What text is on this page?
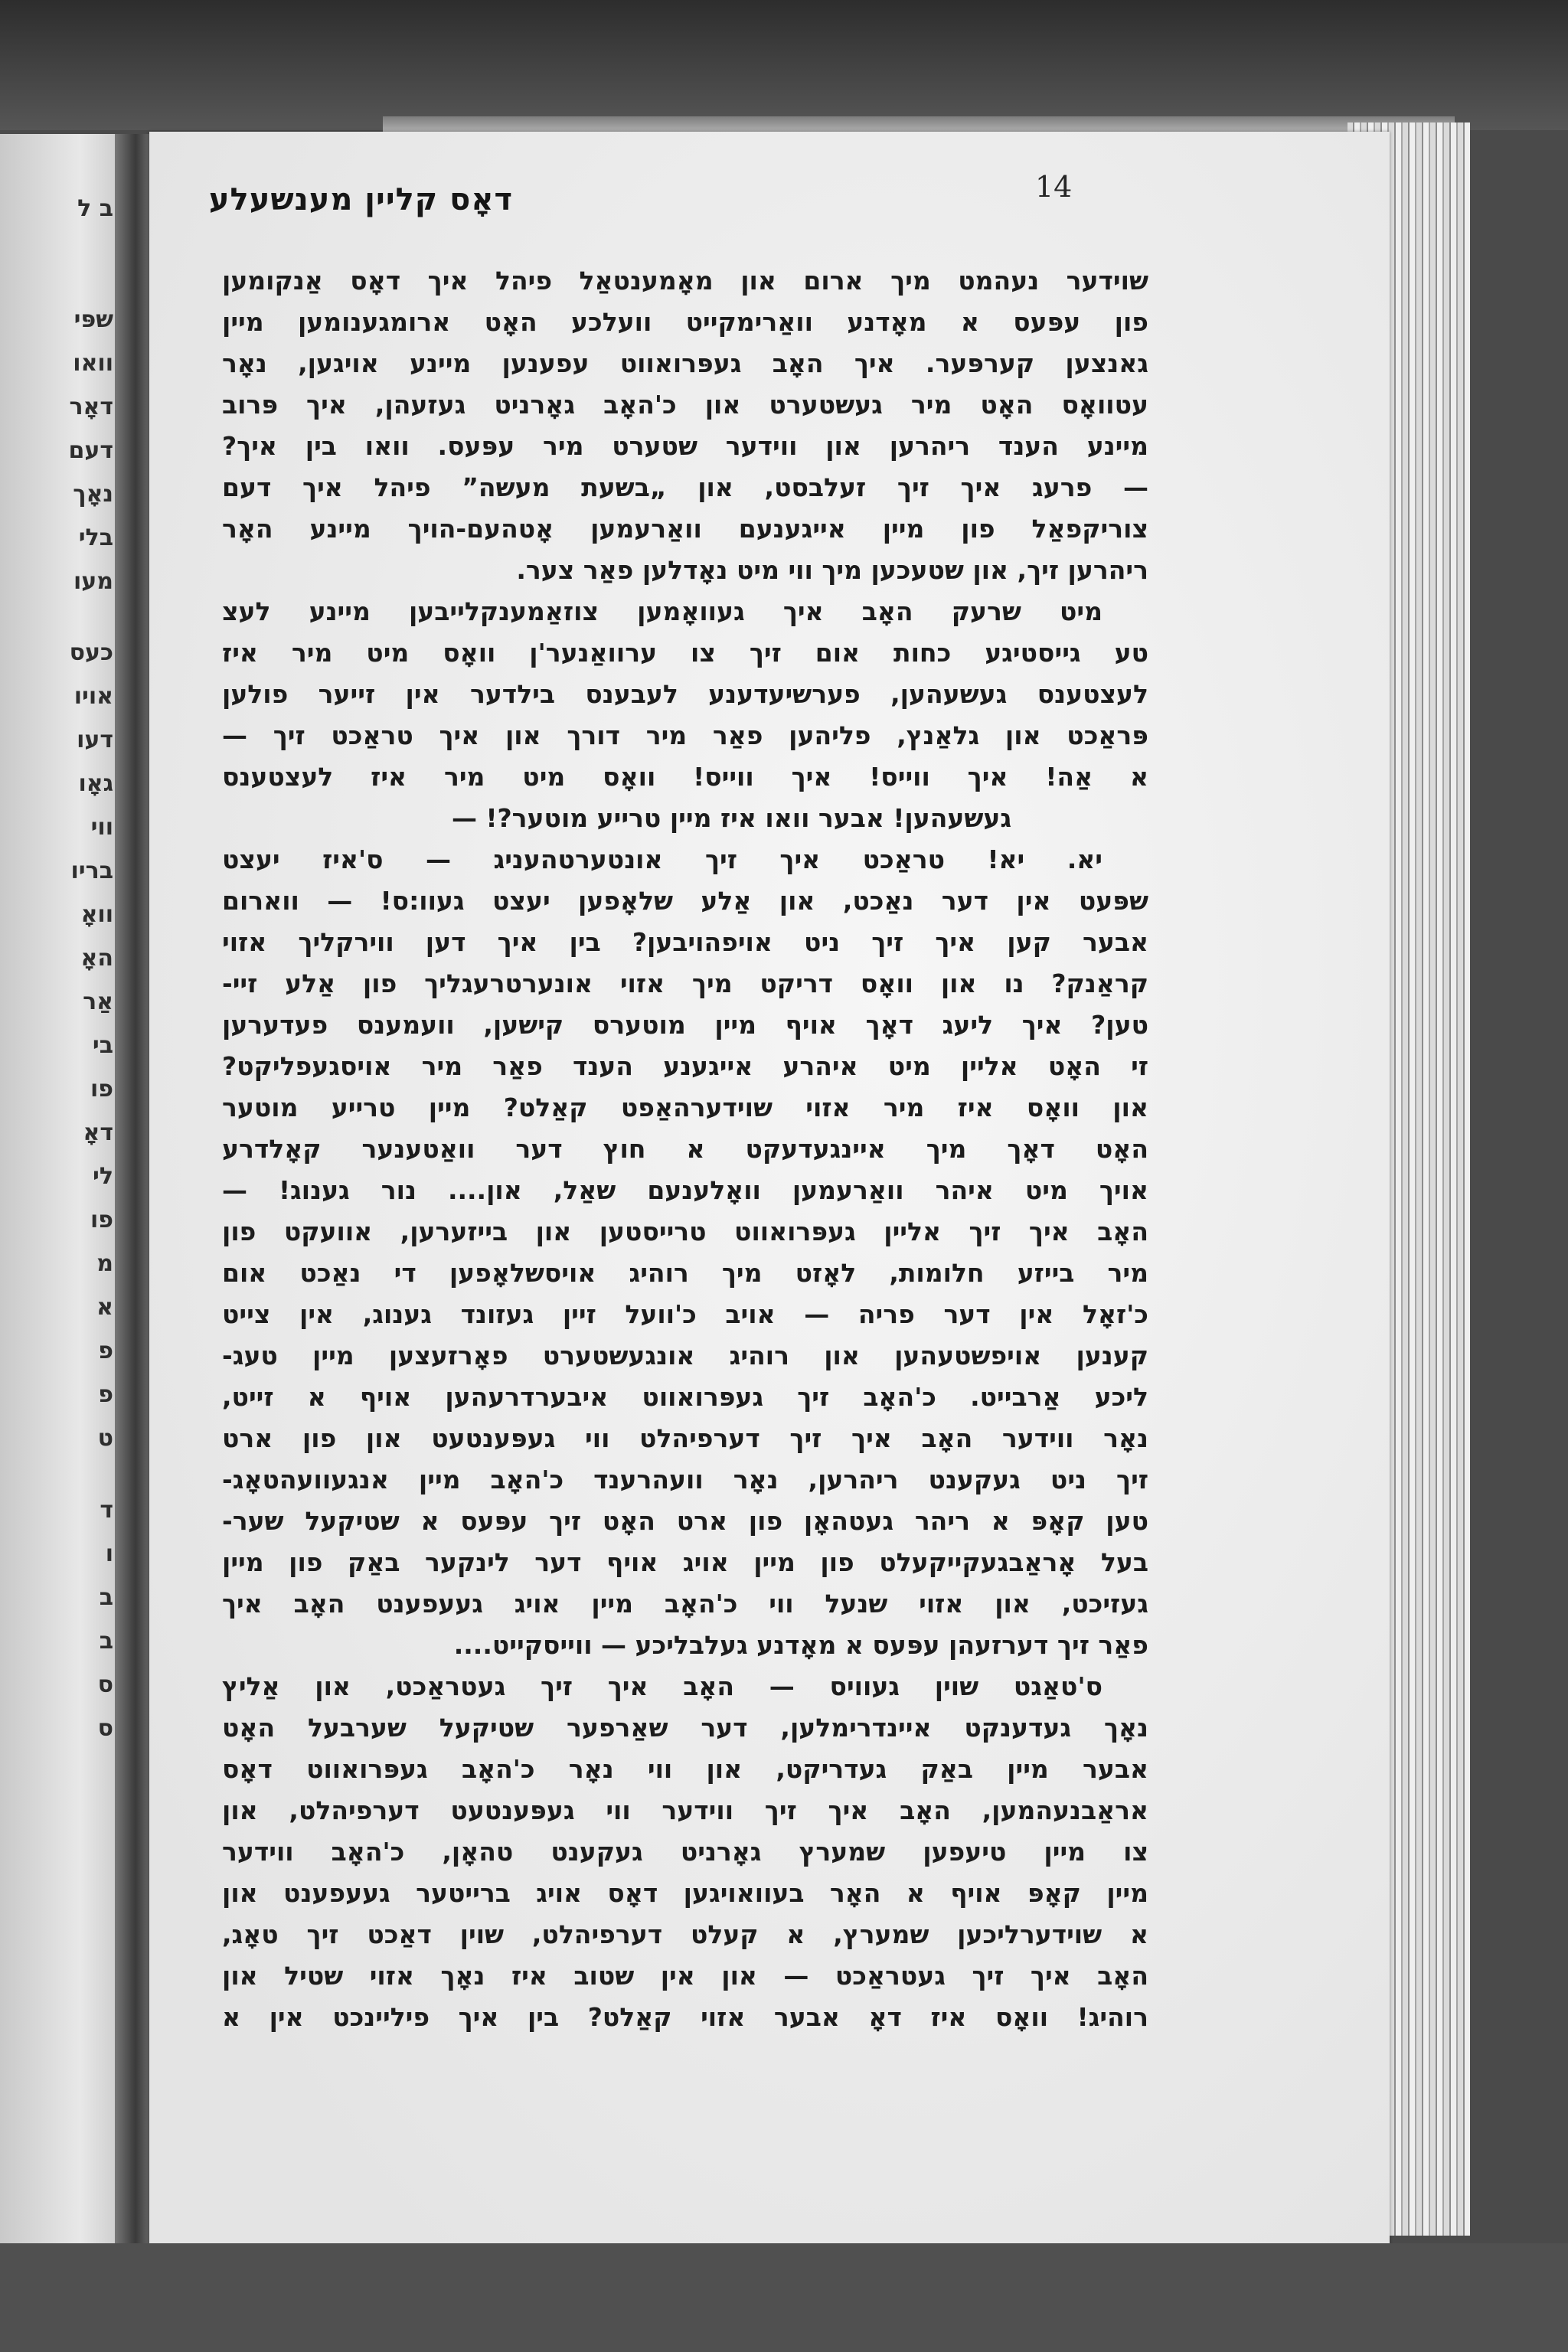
ב ל
שפּי
וואו
דאָר
דעם
נאָך
בלי
מעו
כעס
אויו
דעו
גאָו
ווי
בריו
וואָ
האָ
אַר
בי
פו
דאָ
לי
פו
מ
א
פ
פ
ט
ד
ו
ב
ב
ס
ס
14
דאָס קליין מענשעלע
שוידער נעהמט מיך ארום און מאָמענטאַל פיהל איך דאָס אַנקומען
פון עפּעס א מאָדנע וואַרימקייט וועלכע האָט ארומגענומען מיין
גאנצען קערפּער. איך האָב געפּרואווט עפענען מיינע אויגען, נאָר
עטוואָס האָט מיר געשטערט און כ'האָב גאָרניט געזעהן, איך פּרוב
מיינע הענד ריהרען און ווידער שטערט מיר עפּעס. וואו בין איך?
— פרעג איך זיך זעלבסט, און „בשעת מעשה” פיהל איך דעם
צוריקפאַל פון מיין אייגענעם וואַרעמען אָטהעם-הויך מיינע האָר
ריהרען זיך, און שטעכען מיך ווי מיט נאָדלען פאַר צער.
מיט שרעק האָב איך געוואָמען צוזאַמענקלייבען מיינע לעצ
טע גייסטיגע כחות אום זיך צו ערוואַנער'ן וואָס מיט מיר איז
לעצטענס געשעהען, פערשיעדענע לעבענס בילדער אין זייער פולען
פּראַכט און גלאַנץ, פליהען פאַר מיר דורך און איך טראַכט זיך —
א אַה! איך ווייס! איך ווייס! וואָס מיט מיר איז לעצטענס
געשעהען! אבער וואו איז מיין טרייע מוטער?! —
יא. יא! טראַכט איך זיך אונטערטהעניג — ס'איז יעצט
שפּעט אין דער נאַכט, און אַלע שלאָפען יעצט געוו:ס! — ווארום
אבער קען איך זיך ניט אויפהויבען? בין איך דען ווירקליך אזוי
קראַנק? נו און וואָס דריקט מיך אזוי אונערטרעגליך פון אַלע זיי-
טען? איך ליעג דאָך אויף מיין מוטערס קישען, וועמענס פעדערען
זי האָט אליין מיט איהרע אייגענע הענד פאַר מיר אויסגעפליקט?
און וואָס איז מיר אזוי שוידערהאַפט קאַלט? מיין טרייע מוטער
האָט דאָך מיך איינגעדעקט א חוץ דער וואַטענער קאָלדרע
אויך מיט איהר וואַרעמען וואָלענעם שאַל, און.... נור גענוג! —
האָב איך זיך אליין געפּרואווט טרייסטען און בייזערען, אוועקט פון
מיר בייזע חלומות, לאָזט מיך רוהיג אויסשלאָפען די נאַכט אום
כ'זאָל אין דער פריה — אויב כ'וועל זיין געזונד גענוג, אין צייט
קענען אויפשטעהען און רוהיג אונגעשטערט פאָרזעצען מיין טעג-
ליכע אַרבייט. כ'האָב זיך געפּרואווט איבערדרעהען אויף א זייט,
נאָר ווידער האָב איך זיך דערפיהלט ווי געפּענטעט און פון ארט
זיך ניט געקענט ריהרען, נאָר וועהרענד כ'האָב מיין אנגעוועהטאָג-
טען קאָפּ א ריהר געטהאָן פון ארט האָט זיך עפּעס א שטיקעל שער-
בעל אָראַבגעקייקעלט פון מיין אויג אויף דער לינקער באַק פון מיין
געזיכט, און אזוי שנעל ווי כ'האָב מיין אויג געעפענט האָב איך
פאַר זיך דערזעהן עפּעס א מאָדנע געלבליכע — ווייסקייט....
ס'טאַגט שוין געוויס — האָב איך זיך געטראַכט, און אַליץ
נאָך געדענקט איינדרימלען, דער שאַרפער שטיקעל שערבעל האָט
אבער מיין באַק געדריקט, און ווי נאָר כ'האָב געפּרואווט דאָס
אראַבנעהמען, האָב איך זיך ווידער ווי געפּענטעט דערפיהלט, און
צו מיין טיעפען שמערץ גאָרניט געקענט טהאָן, כ'האָב ווידער
מיין קאָפּ אויף א האָר בעוואויגען דאָס אויג ברייטער געעפענט און
א שוידערליכען שמערץ, א קעלט דערפיהלט, שוין דאַכט זיך טאָג,
האָב איך זיך געטראַכט — און אין שטוב איז נאָך אזוי שטיל און
רוהיג! וואָס איז דאָ אבער אזוי קאַלט? בין איך פיליינכט אין א
